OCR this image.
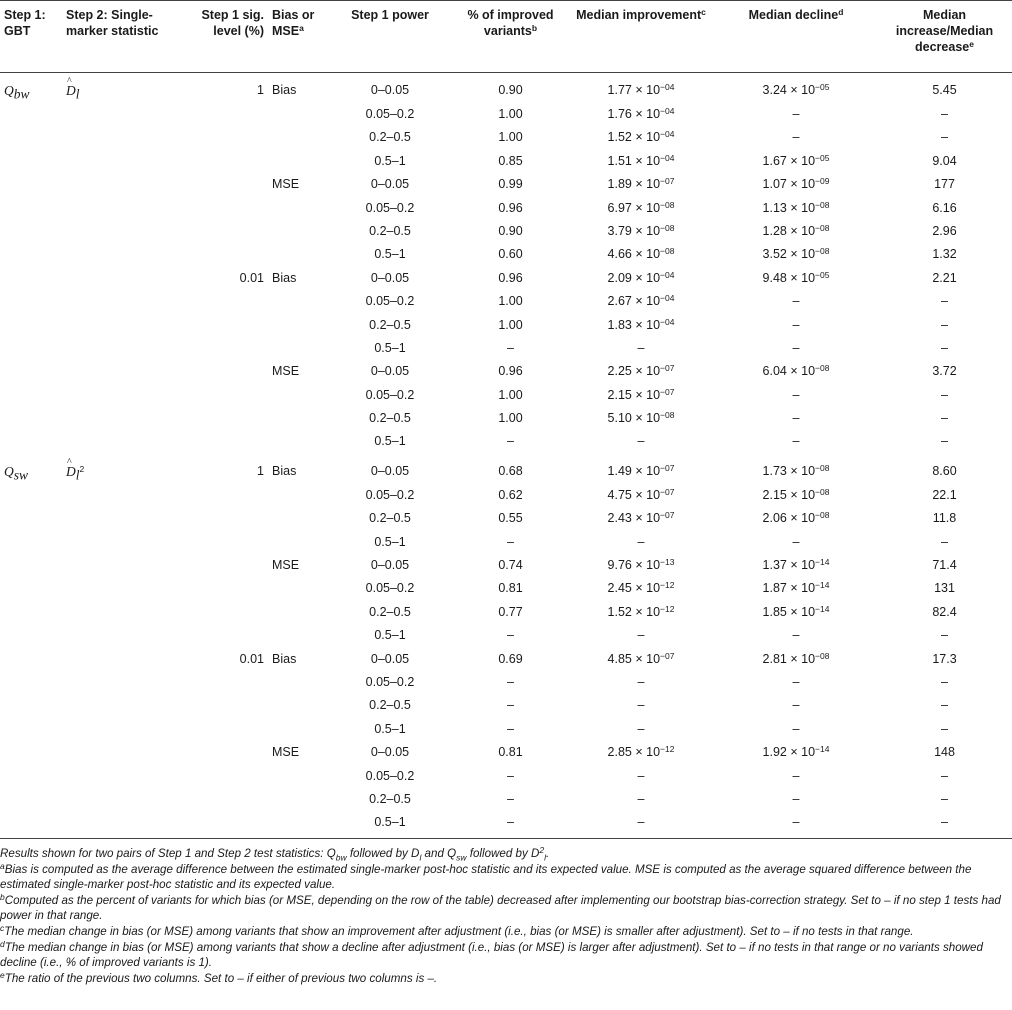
Step 1: GBT	Step 2: Single-marker statistic	Step 1 sig. level (%)	Bias or MSE$^a$	Step 1 power	% of improved variants$^b$	Median improvement$^c$	Median decline$^d$	Median increase/Median decrease$^e$
$Q_{bw}$	^ $D_l$	1	Bias	0–0.05	0.90	$1.77 \times 10^{-04}$	$3.24 \times 10^{-05}$	5.45
				0.05–0.2	1.00	$1.76 \times 10^{-04}$	–	–
				0.2–0.5	1.00	$1.52 \times 10^{-04}$	–	–
				0.5–1	0.85	$1.51 \times 10^{-04}$	$1.67 \times 10^{-05}$	9.04
			MSE	0–0.05	0.99	$1.89 \times 10^{-07}$	$1.07 \times 10^{-09}$	177
				0.05–0.2	0.96	$6.97 \times 10^{-08}$	$1.13 \times 10^{-08}$	6.16
				0.2–0.5	0.90	$3.79 \times 10^{-08}$	$1.28 \times 10^{-08}$	2.96
				0.5–1	0.60	$4.66 \times 10^{-08}$	$3.52 \times 10^{-08}$	1.32
		0.01	Bias	0–0.05	0.96	$2.09 \times 10^{-04}$	$9.48 \times 10^{-05}$	2.21
				0.05–0.2	1.00	$2.67 \times 10^{-04}$	–	–
				0.2–0.5	1.00	$1.83 \times 10^{-04}$	–	–
				0.5–1	–	–	–	–
			MSE	0–0.05	0.96	$2.25 \times 10^{-07}$	$6.04 \times 10^{-08}$	3.72
				0.05–0.2	1.00	$2.15 \times 10^{-07}$	–	–
				0.2–0.5	1.00	$5.10 \times 10^{-08}$	–	–
				0.5–1	–	–	–	–
$Q_{sw}$	^ $D_l^2$	1	Bias	0–0.05	0.68	$1.49 \times 10^{-07}$	$1.73 \times 10^{-08}$	8.60
				0.05–0.2	0.62	$4.75 \times 10^{-07}$	$2.15 \times 10^{-08}$	22.1
				0.2–0.5	0.55	$2.43 \times 10^{-07}$	$2.06 \times 10^{-08}$	11.8
				0.5–1	–	–	–	–
			MSE	0–0.05	0.74	$9.76 \times 10^{-13}$	$1.37 \times 10^{-14}$	71.4
				0.05–0.2	0.81	$2.45 \times 10^{-12}$	$1.87 \times 10^{-14}$	131
				0.2–0.5	0.77	$1.52 \times 10^{-12}$	$1.85 \times 10^{-14}$	82.4
				0.5–1	–	–	–	–
		0.01	Bias	0–0.05	0.69	$4.85 \times 10^{-07}$	$2.81 \times 10^{-08}$	17.3
				0.05–0.2	–	–	–	–
				0.2–0.5	–	–	–	–
				0.5–1	–	–	–	–
			MSE	0–0.05	0.81	$2.85 \times 10^{-12}$	$1.92 \times 10^{-14}$	148
				0.05–0.2	–	–	–	–
				0.2–0.5	–	–	–	–
				0.5–1	–	–	–	–

Results shown for two pairs of Step 1 and Step 2 test statistics: $Q_{bw}$ followed by $D_l$ and $Q_{sw}$ followed by $D^2_l$.

$^a$Bias is computed as the average difference between the estimated single-marker post-hoc statistic and its expected value. MSE is computed as the average squared difference between the estimated single-marker post-hoc statistic and its expected value.

$^b$Computed as the percent of variants for which bias (or MSE, depending on the row of the table) decreased after implementing our bootstrap bias-correction strategy. Set to – if no step 1 tests had power in that range.

$^c$The median change in bias (or MSE) among variants that show an improvement after adjustment (i.e., bias (or MSE) is smaller after adjustment). Set to – if no tests in that range.

$^d$The median change in bias (or MSE) among variants that show a decline after adjustment (i.e., bias (or MSE) is larger after adjustment). Set to – if no tests in that range or no variants showed decline (i.e., % of improved variants is 1).

$^e$The ratio of the previous two columns. Set to – if either of previous two columns is –.
